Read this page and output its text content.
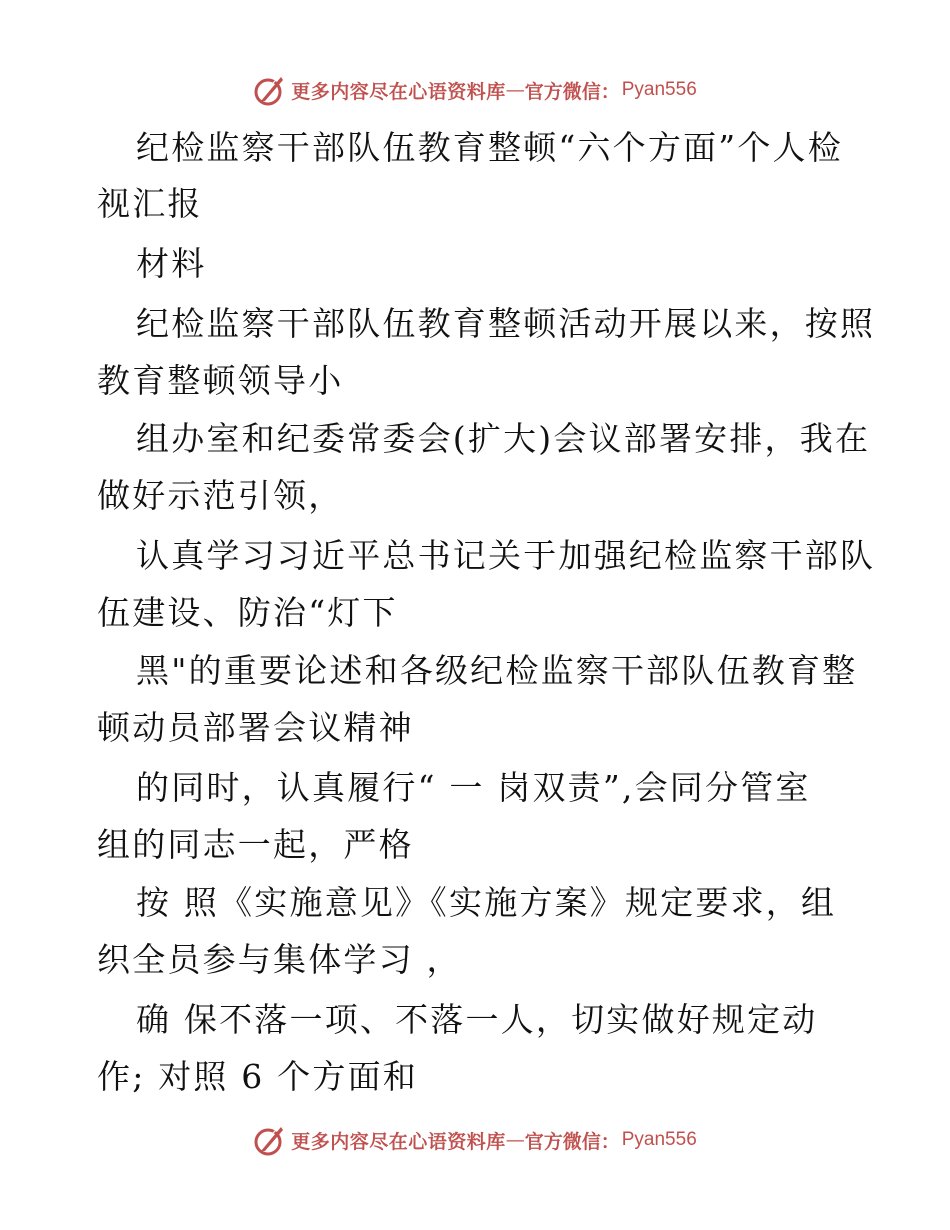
更多内容尽在心语资料库 — 官方微信： Pyan556
纪检监察干部队伍教育整顿“六个方面”个人检
视汇报
材料
纪检监察干部队伍教育整顿活动开展以来，按照
教育整顿领导小
组办室和纪委常委会(扩大)会议部署安排，我在
做好示范引领，
认真学习习近平总书记关于加强纪检监察干部队
伍建设、防治“灯下
黑"的重要论述和各级纪检监察干部队伍教育整
顿动员部署会议精神
的同时，认真履行“ 一 岗双责”,会同分管室
组的同志一起，严格
按 照《实施意见》《实施方案》规定要求，组
织全员参与集体学习 ，
确 保不落一项、不落一人，切实做好规定动
作; 对照 6 个方面和
更多内容尽在心语资料库 — 官方微信： Pyan556
